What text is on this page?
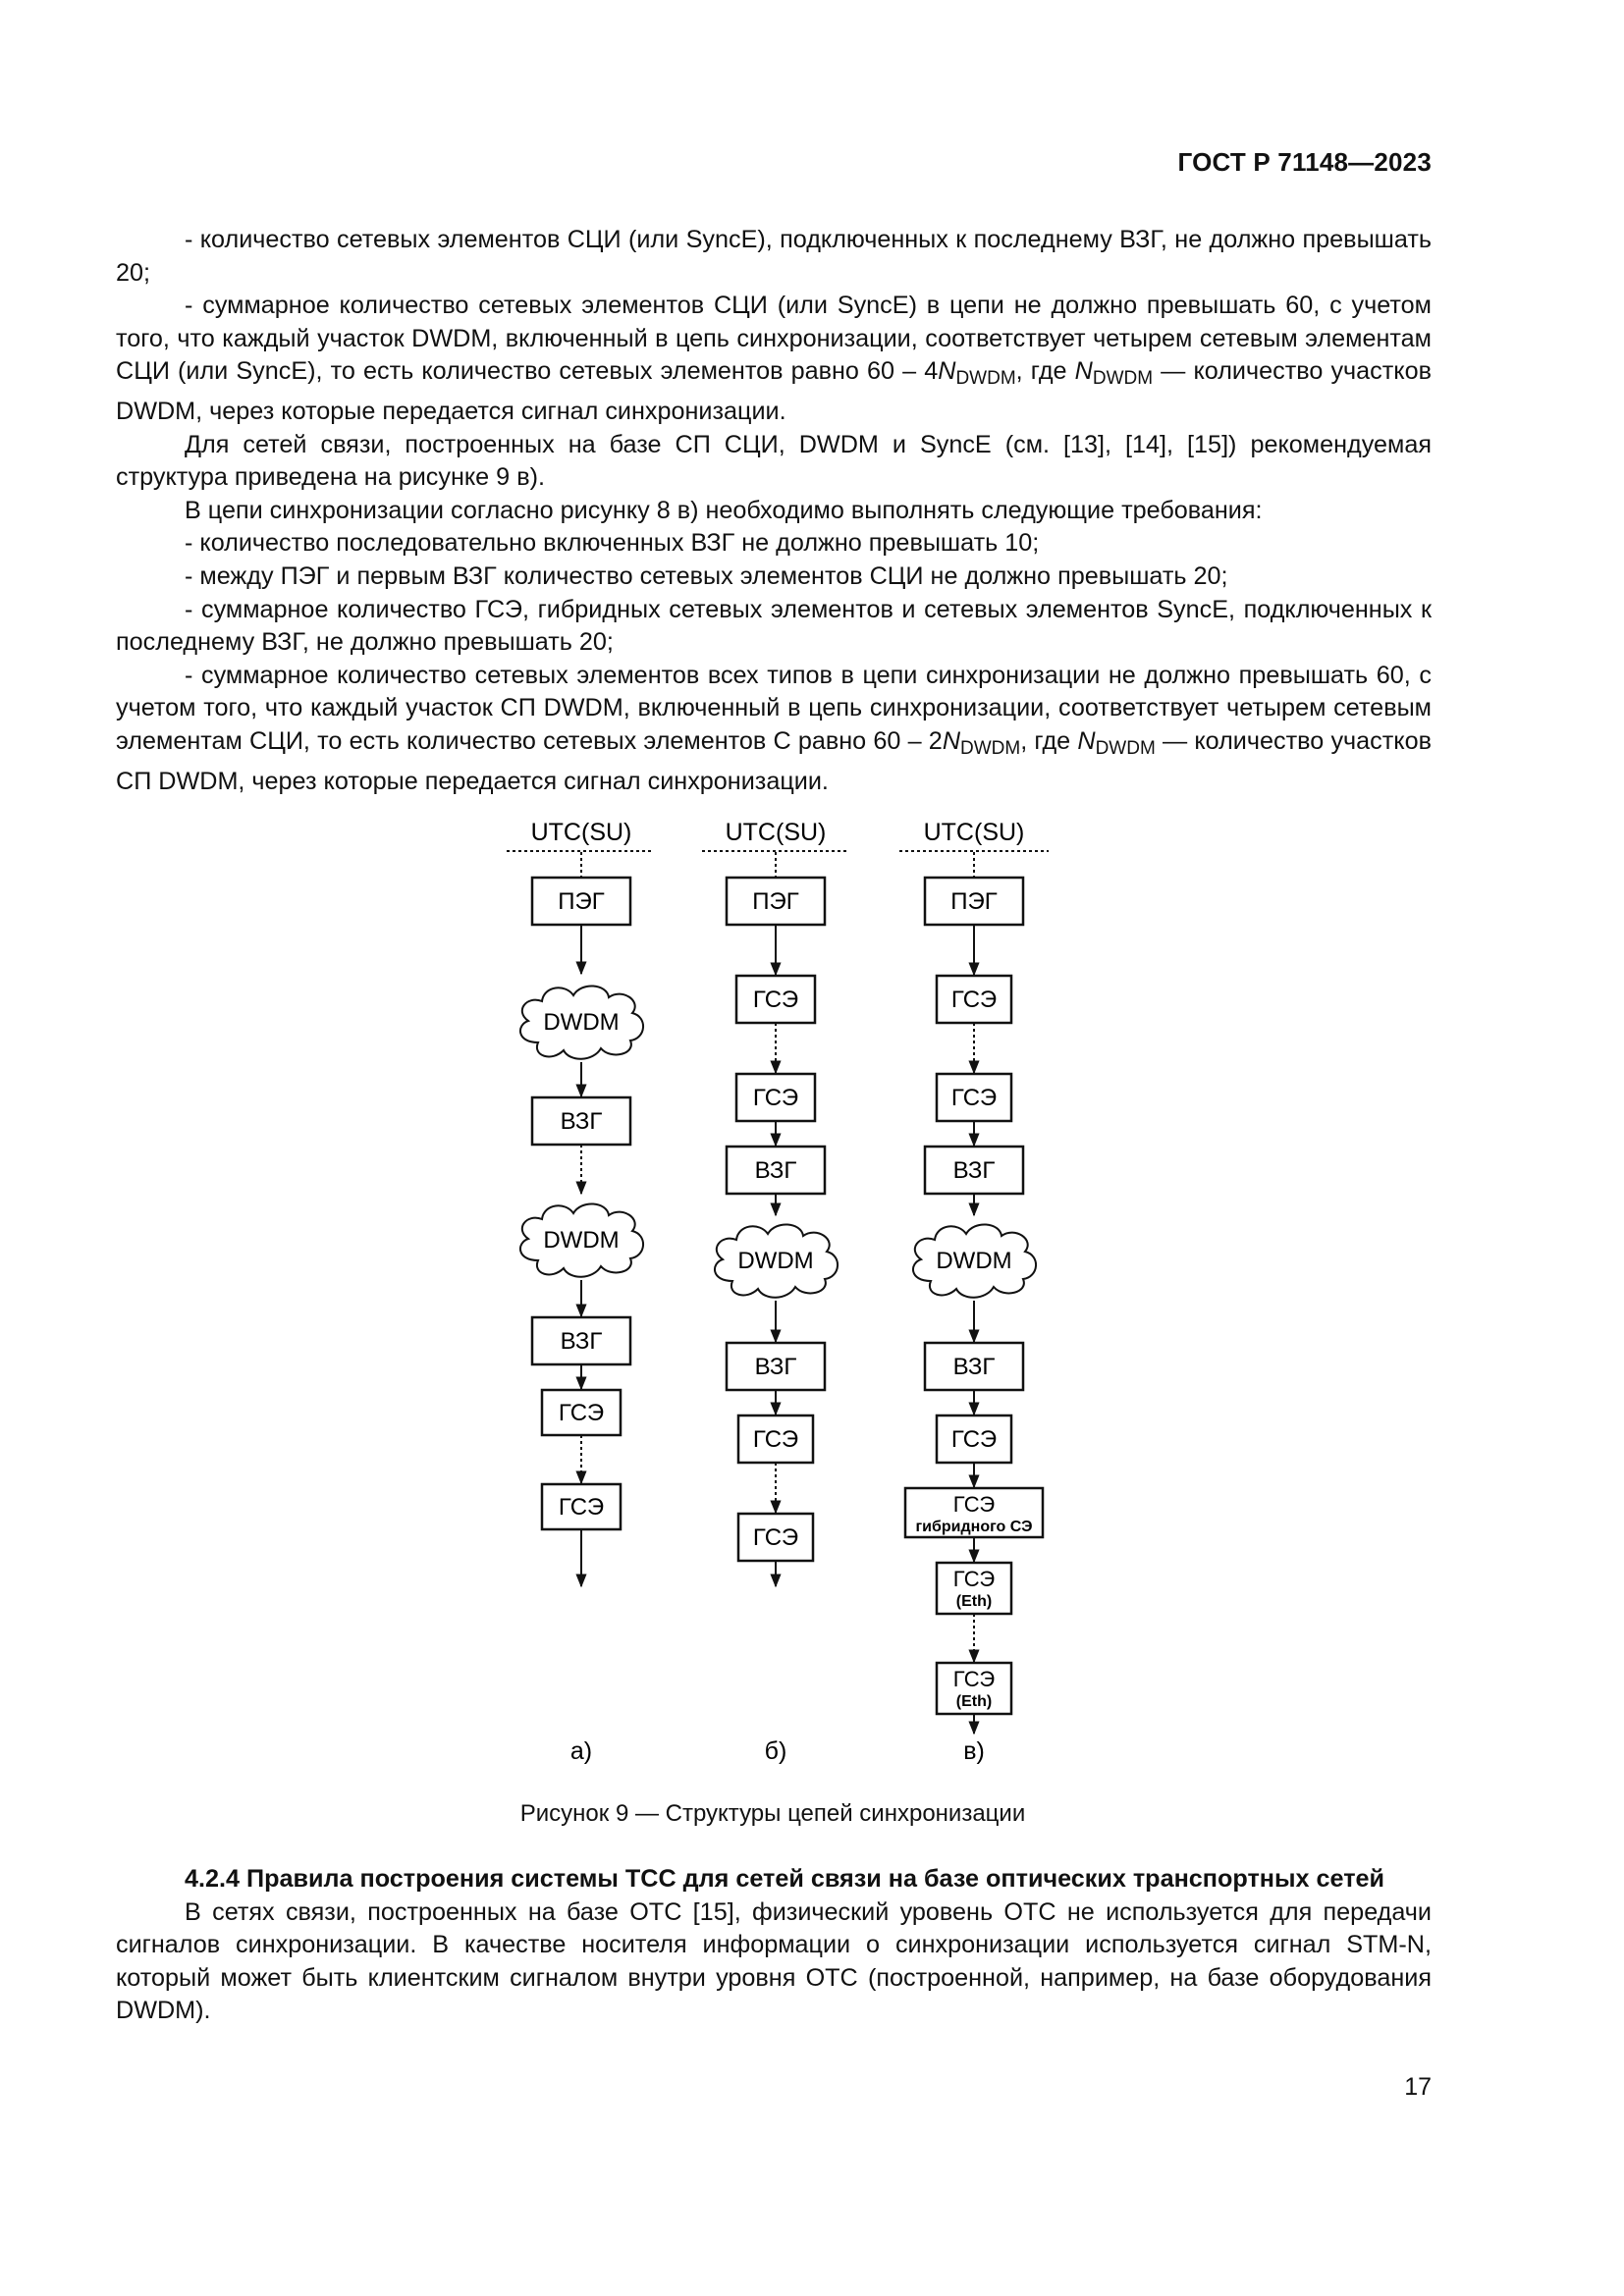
ГОСТ Р 71148—2023

- количество сетевых элементов СЦИ (или SyncE), подключенных к последнему ВЗГ, не должно превышать 20;

- суммарное количество сетевых элементов СЦИ (или SyncE) в цепи не должно превышать 60, с учетом того, что каждый участок DWDM, включенный в цепь синхронизации, соответствует четырем сетевым элементам СЦИ (или SyncE), то есть количество сетевых элементов равно 60 – 4NDWDM, где NDWDM — количество участков DWDM, через которые передается сигнал синхронизации.

Для сетей связи, построенных на базе СП СЦИ, DWDM и SyncE (см. [13], [14], [15]) рекомендуемая структура приведена на рисунке 9 в).

В цепи синхронизации согласно рисунку 8 в) необходимо выполнять следующие требования:

- количество последовательно включенных ВЗГ не должно превышать 10;

- между ПЭГ и первым ВЗГ количество сетевых элементов СЦИ не должно превышать 20;

- суммарное количество ГСЭ, гибридных сетевых элементов и сетевых элементов SyncE, подключенных к последнему ВЗГ, не должно превышать 20;

- суммарное количество сетевых элементов всех типов в цепи синхронизации не должно превышать 60, с учетом того, что каждый участок СП DWDM, включенный в цепь синхронизации, соответствует четырем сетевым элементам СЦИ, то есть количество сетевых элементов С равно 60 – 2NDWDM, где NDWDM — количество участков СП DWDM, через которые передается сигнал синхронизации.

UTC(SU)
ПЭГ
DWDM
ВЗГ
DWDM
ВЗГ
ГСЭ
ГСЭ
а)
UTC(SU)
ПЭГ
ГСЭ
ГСЭ
ВЗГ
DWDM
ВЗГ
ГСЭ
ГСЭ
б)
UTC(SU)
ПЭГ
ГСЭ
ГСЭ
ВЗГ
DWDM
ВЗГ
ГСЭ
ГСЭ
гибридного СЭ
ГСЭ
(Eth)
ГСЭ
(Eth)
в)
Рисунок 9 — Структуры цепей синхронизации
4.2.4 Правила построения системы ТСС для сетей связи на базе оптических транспортных сетей

В сетях связи, построенных на базе ОТС [15], физический уровень ОТС не используется для передачи сигналов синхронизации. В качестве носителя информации о синхронизации используется сигнал STM-N, который может быть клиентским сигналом внутри уровня ОТС (построенной, например, на базе оборудования DWDM).

17
